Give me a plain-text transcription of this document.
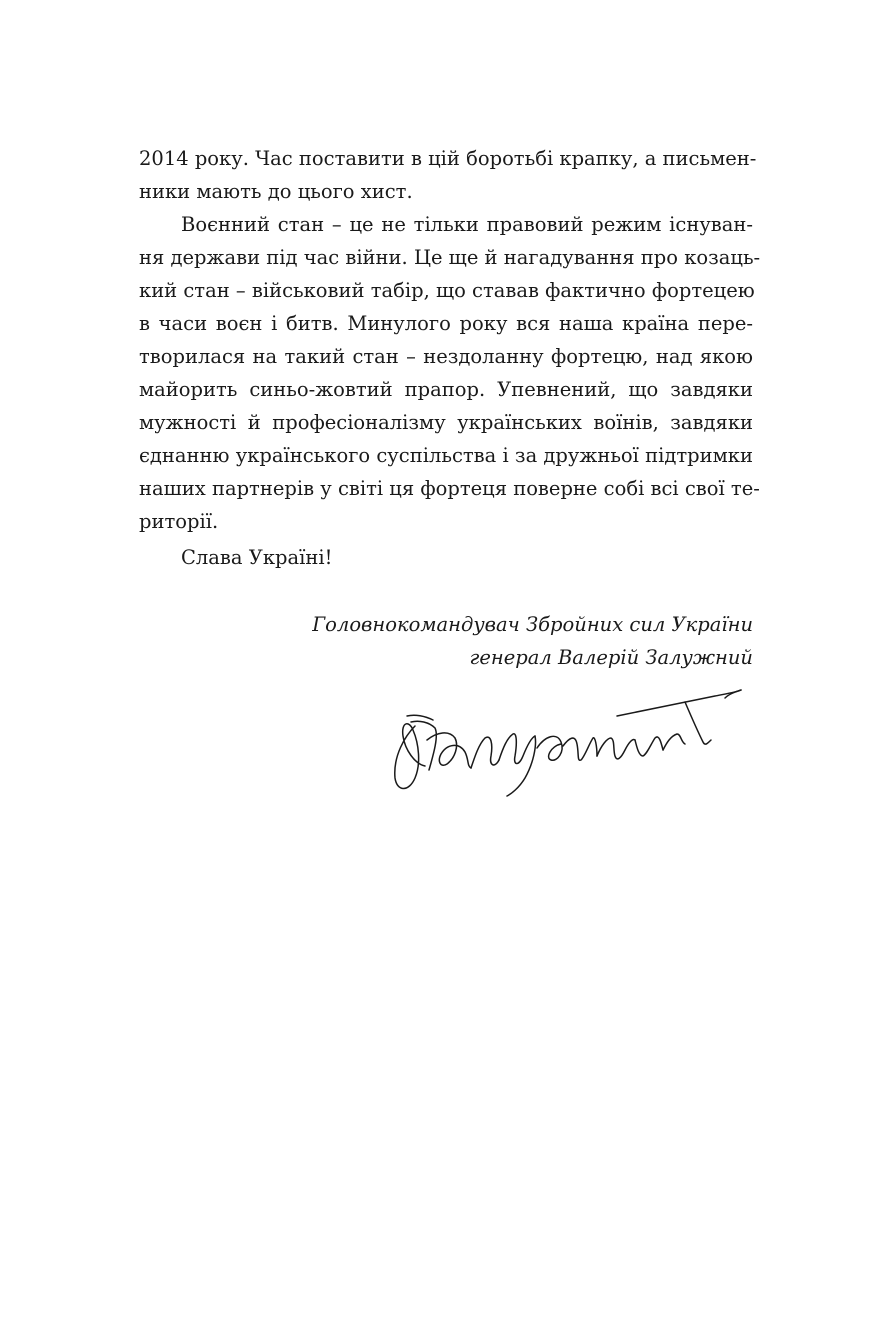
2014 року. Час поставити в цій боротьбі крапку, а письмен-
ники мають до цього хист.
Воєнний стан – це не тільки правовий режим існуван-
ня держави під час війни. Це ще й нагадування про козаць-
кий стан – військовий табір, що ставав фактично фортецею
в часи воєн і битв. Минулого року вся наша країна пере-
творилася на такий стан – нездоланну фортецю, над якою
майорить синьо-жовтий прапор. Упевнений, що завдяки
мужності й професіоналізму українських воїнів, завдяки
єднанню українського суспільства і за дружньої підтримки
наших партнерів у світі ця фортеця поверне собі всі свої те-
риторії.
Слава Україні!
Головнокомандувач Збройних сил України
генерал Валерій Залужний
